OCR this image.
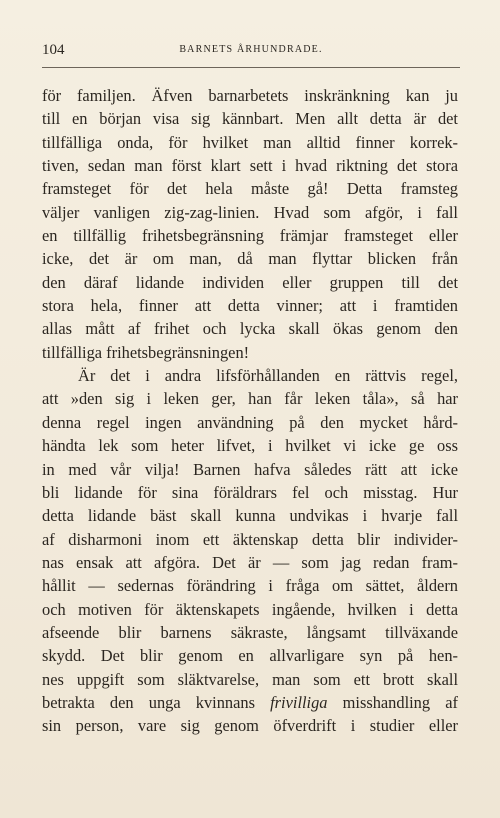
104	BARNETS ÅRHUNDRADE.
för familjen. Äfven barnarbetets inskränkning kan ju
till en början visa sig kännbart. Men allt detta är det
tillfälliga onda, för hvilket man alltid finner korrek-
tiven, sedan man först klart sett i hvad riktning det stora
framsteget för det hela måste gå! Detta framsteg
väljer vanligen zig-zag-linien. Hvad som afgör, i fall
en tillfällig frihetsbegränsning främjar framsteget eller
icke, det är om man, då man flyttar blicken från
den däraf lidande individen eller gruppen till det
stora hela, finner att detta vinner; att i framtiden
allas mått af frihet och lycka skall ökas genom den
tillfälliga frihetsbegränsningen!
Är det i andra lifsförhållanden en rättvis regel,
att »den sig i leken ger, han får leken tåla», så har
denna regel ingen användning på den mycket hård-
händta lek som heter lifvet, i hvilket vi icke ge oss
in med vår vilja! Barnen hafva således rätt att icke
bli lidande för sina föräldrars fel och misstag. Hur
detta lidande bäst skall kunna undvikas i hvarje fall
af disharmoni inom ett äktenskap detta blir individer-
nas ensak att afgöra. Det är — som jag redan fram-
hållit — sedernas förändring i fråga om sättet, åldern
och motiven för äktenskapets ingående, hvilken i detta
afseende blir barnens säkraste, långsamt tillväxande
skydd. Det blir genom en allvarligare syn på hen-
nes uppgift som släktvarelse, man som ett brott skall
betrakta den unga kvinnans frivilliga misshandling af
sin person, vare sig genom öfverdrift i studier eller
